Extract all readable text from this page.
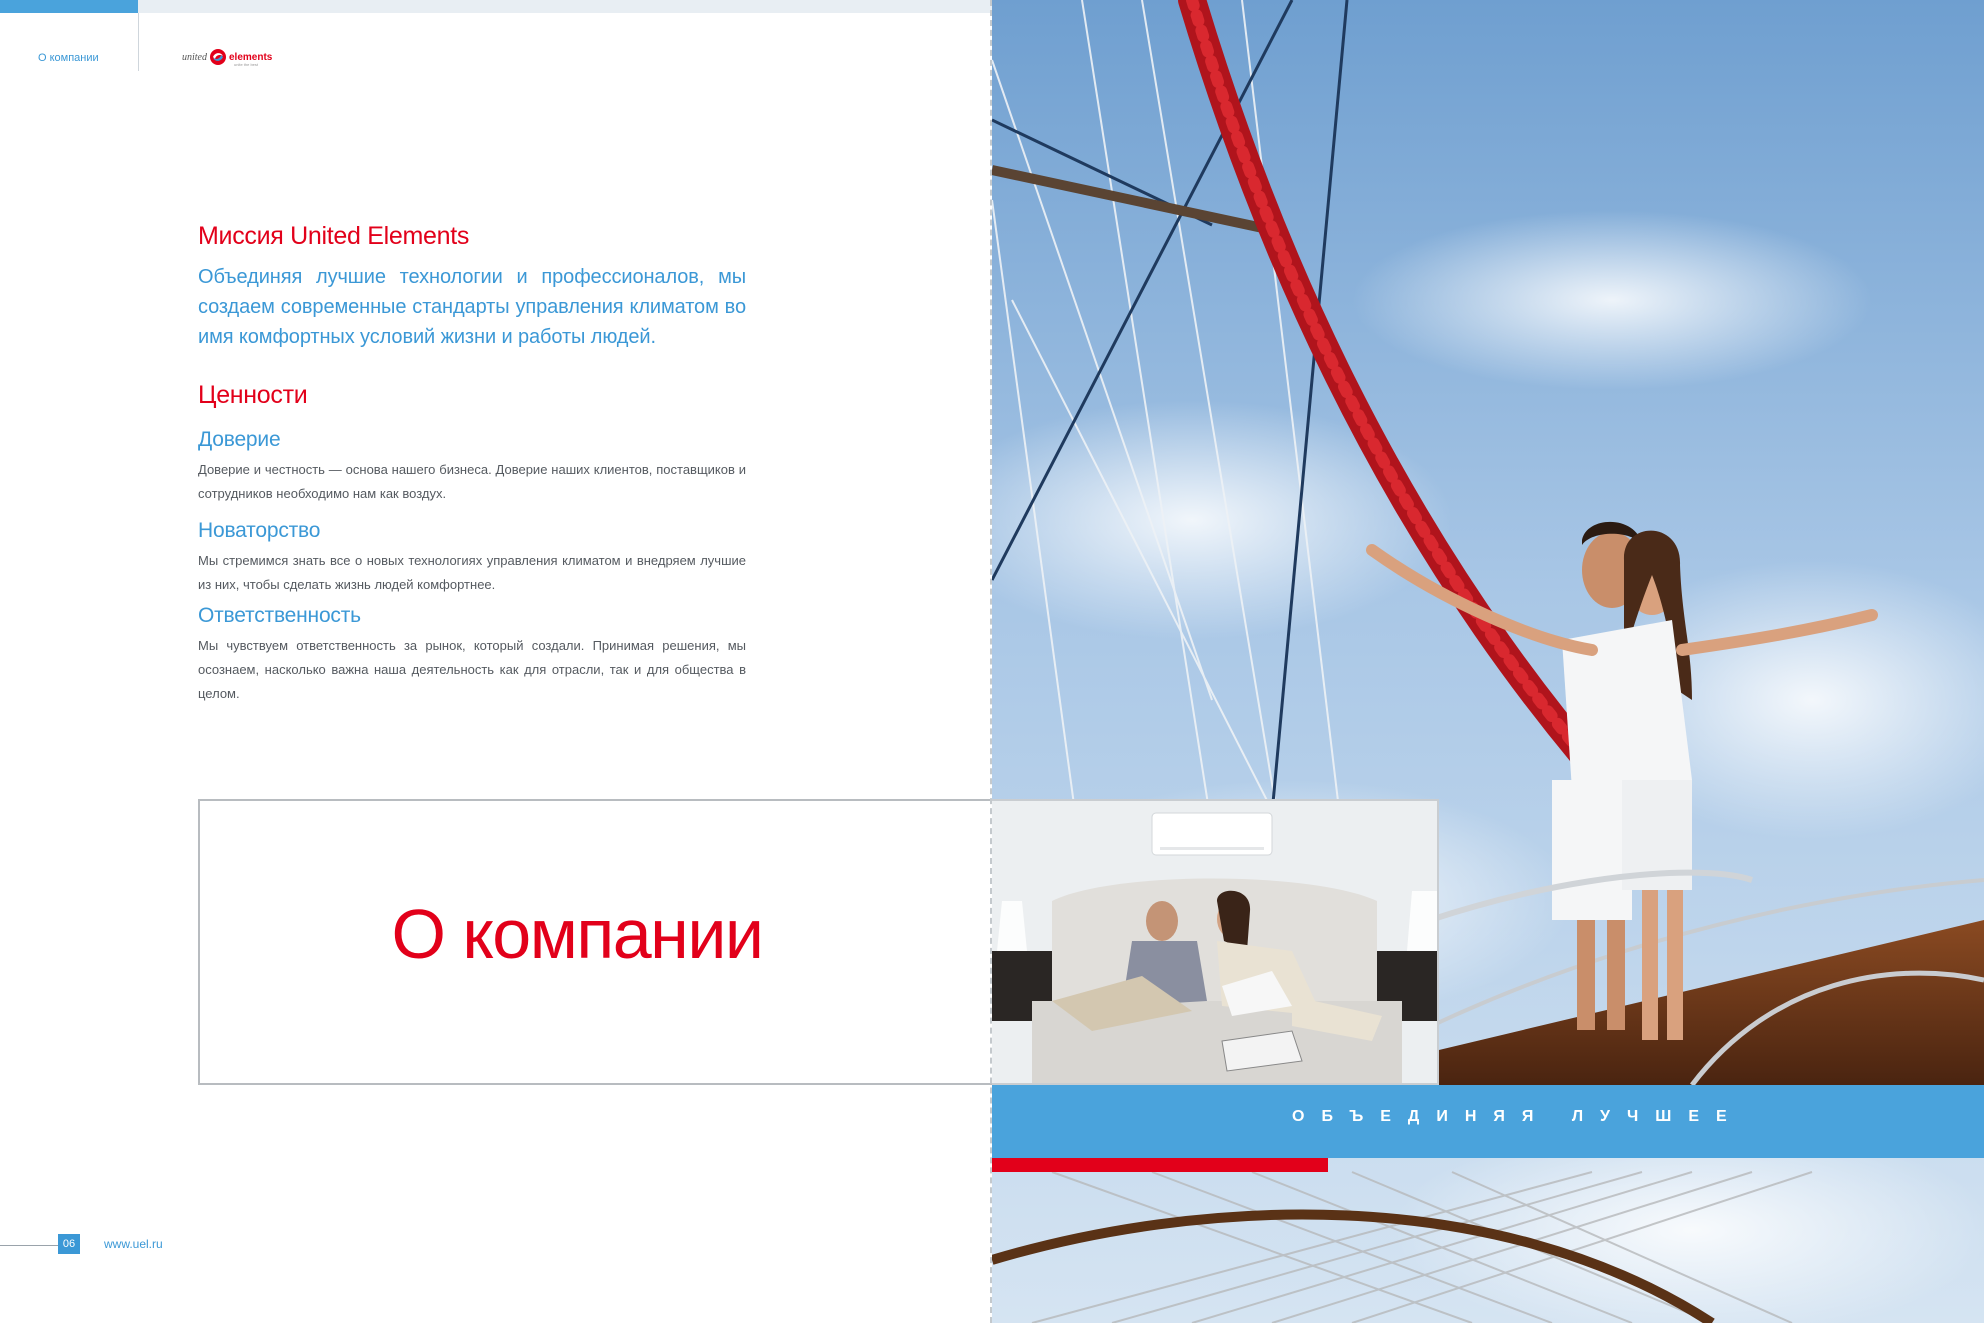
О компании	united elements
unite the best
Миссия United Elements
Объединяя лучшие технологии и профессионалов, мы создаем современные стандарты управления климатом во имя комфортных условий жизни и работы людей.
Ценности
Доверие
Доверие и честность — основа нашего бизнеса. Доверие наших клиентов, поставщиков и сотрудников необходимо нам как воздух.
Новаторство
Мы стремимся знать все о новых технологиях управления климатом и внедряем лучшие из них, чтобы сделать жизнь людей комфортнее.
Ответственность
Мы чувствуем ответственность за рынок, который создали. Принимая решения, мы осознаем, насколько важна наша деятельность как для отрасли, так и для общества в целом.
О компании
ОБЪЕДИНЯЯ ЛУЧШЕЕ
06	www.uel.ru
